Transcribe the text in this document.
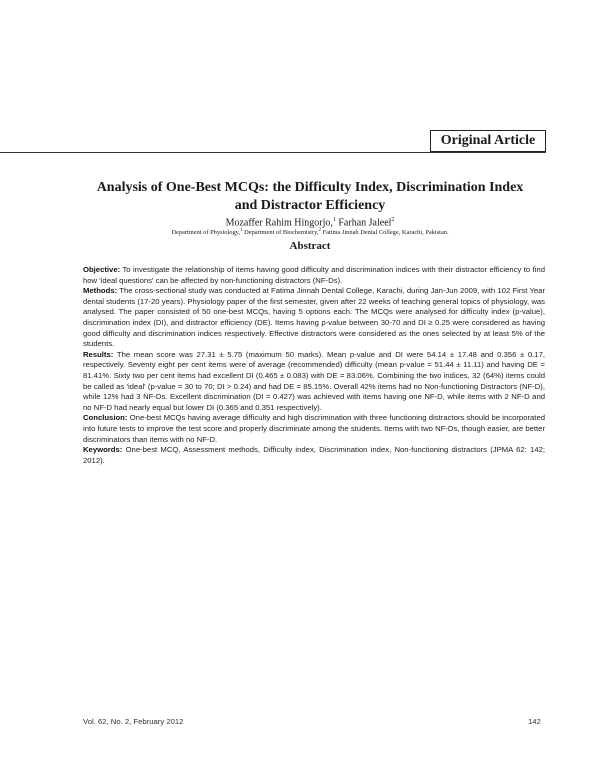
Original Article
Analysis of One-Best MCQs: the Difficulty Index, Discrimination Index and Distractor Efficiency
Mozaffer Rahim Hingorjo,$^1$ Farhan Jaleel$^2$
Department of Physiology,$^1$ Department of Biochemistry,$^2$ Fatima Jinnah Dental College, Karachi, Pakistan.
Abstract

Objective: To investigate the relationship of items having good difficulty and discrimination indices with their distractor efficiency to find how 'ideal questions' can be affected by non-functioning distractors (NF-Ds).

Methods: The cross-sectional study was conducted at Fatima Jinnah Dental College, Karachi, during Jan-Jun 2009, with 102 First Year dental students (17-20 years). Physiology paper of the first semester, given after 22 weeks of teaching general topics of physiology, was analysed. The paper consisted of 50 one-best MCQs, having 5 options each. The MCQs were analysed for difficulty index (p-value), discrimination index (DI), and distractor efficiency (DE). Items having p-value between 30-70 and DI ≥ 0.25 were considered as having good difficulty and discrimination indices respectively. Effective distractors were considered as the ones selected by at least 5% of the students.

Results: The mean score was 27.31 ± 5.75 (maximum 50 marks). Mean p-value and DI were 54.14 ± 17.48 and 0.356 ± 0.17, respectively. Seventy eight per cent items were of average (recommended) difficulty (mean p-value = 51.44 ± 11.11) and having DE = 81.41%. Sixty two per cent items had excellent DI (0.465 ± 0.083) with DE = 83.06%. Combining the two indices, 32 (64%) items could be called as 'ideal' (p-value = 30 to 70; DI > 0.24) and had DE = 85.15%. Overall 42% items had no Non-functioning Distractors (NF-D), while 12% had 3 NF-Ds. Excellent discrimination (DI = 0.427) was achieved with items having one NF-D, while items with 2 NF-D and no NF-D had nearly equal but lower DI (0.365 and 0.351 respectively).

Conclusion: One-best MCQs having average difficulty and high discrimination with three functioning distractors should be incorporated into future tests to improve the test score and properly discriminate among the students. Items with two NF-Ds, though easier, are better discriminators than items with no NF-D.

Keywords: One-best MCQ, Assessment methods, Difficulty index, Discrimination index, Non-functioning distractors (JPMA 62: 142; 2012).

Vol. 62, No. 2, February 2012	142
